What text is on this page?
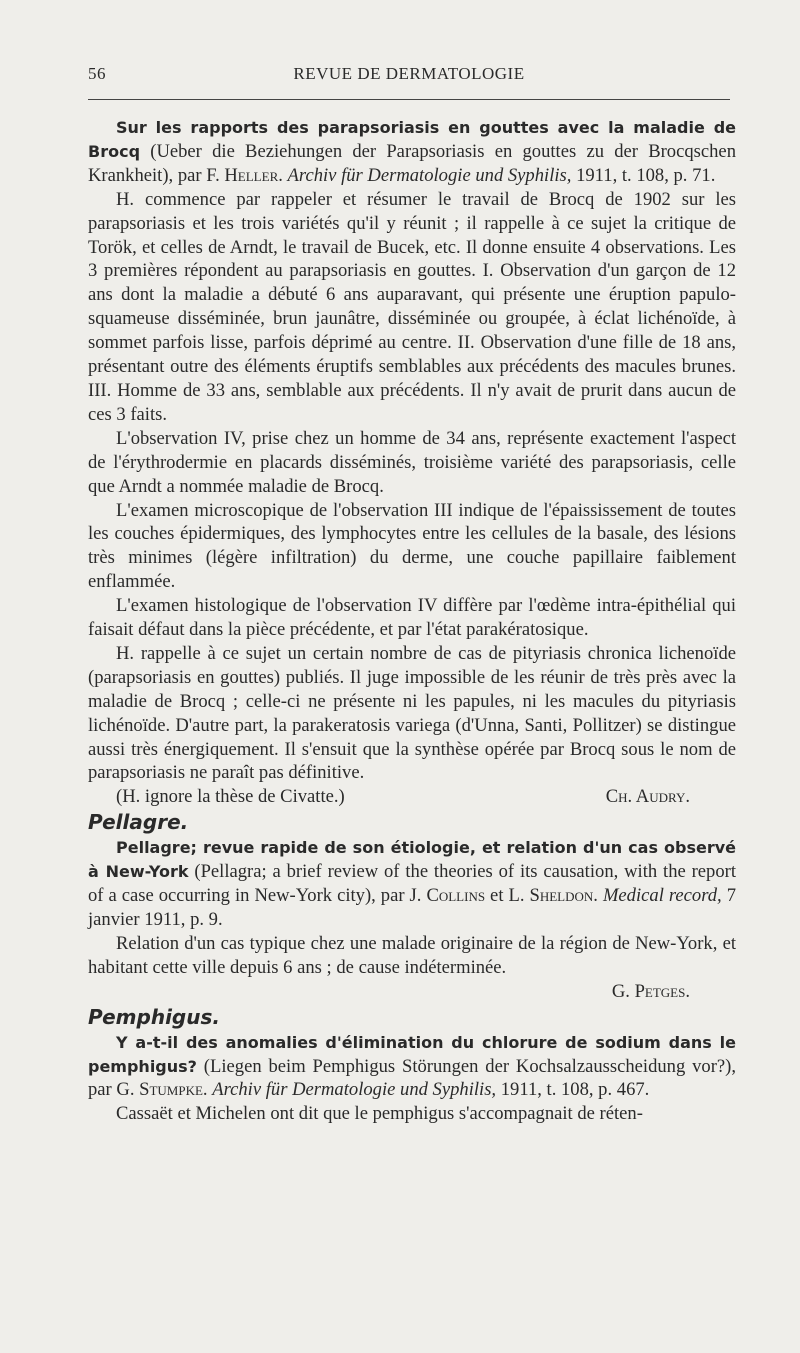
56	REVUE DE DERMATOLOGIE

Sur les rapports des parapsoriasis en gouttes avec la maladie de Brocq (Ueber die Beziehungen der Parapsoriasis en gouttes zu der Brocqschen Krankheit), par F. Heller. Archiv für Dermatologie und Syphilis, 1911, t. 108, p. 71.

H. commence par rappeler et résumer le travail de Brocq de 1902 sur les parapsoriasis et les trois variétés qu'il y réunit ; il rappelle à ce sujet la critique de Torök, et celles de Arndt, le travail de Bucek, etc. Il donne ensuite 4 observations. Les 3 premières répondent au parapsoriasis en gouttes. I. Observation d'un garçon de 12 ans dont la maladie a débuté 6 ans auparavant, qui présente une éruption papulo-squameuse disséminée, brun jaunâtre, disséminée ou groupée, à éclat lichénoïde, à sommet parfois lisse, parfois déprimé au centre. II. Observation d'une fille de 18 ans, présentant outre des éléments éruptifs semblables aux précédents des macules brunes. III. Homme de 33 ans, semblable aux précédents. Il n'y avait de prurit dans aucun de ces 3 faits.

L'observation IV, prise chez un homme de 34 ans, représente exactement l'aspect de l'érythrodermie en placards disséminés, troisième variété des parapsoriasis, celle que Arndt a nommée maladie de Brocq.

L'examen microscopique de l'observation III indique de l'épaississement de toutes les couches épidermiques, des lymphocytes entre les cellules de la basale, des lésions très minimes (légère infiltration) du derme, une couche papillaire faiblement enflammée.

L'examen histologique de l'observation IV diffère par l'œdème intra-épithélial qui faisait défaut dans la pièce précédente, et par l'état parakératosique.

H. rappelle à ce sujet un certain nombre de cas de pityriasis chronica lichenoïde (parapsoriasis en gouttes) publiés. Il juge impossible de les réunir de très près avec la maladie de Brocq ; celle-ci ne présente ni les papules, ni les macules du pityriasis lichénoïde. D'autre part, la parakeratosis variega (d'Unna, Santi, Pollitzer) se distingue aussi très énergiquement. Il s'ensuit que la synthèse opérée par Brocq sous le nom de parapsoriasis ne paraît pas définitive.

(H. ignore la thèse de Civatte.)	Ch. Audry.

Pellagre.

Pellagre; revue rapide de son étiologie, et relation d'un cas observé à New-York (Pellagra; a brief review of the theories of its causation, with the report of a case occurring in New-York city), par J. Collins et L. Sheldon. Medical record, 7 janvier 1911, p. 9.

Relation d'un cas typique chez une malade originaire de la région de New-York, et habitant cette ville depuis 6 ans ; de cause indéterminée.

G. Petges.

Pemphigus.

Y a-t-il des anomalies d'élimination du chlorure de sodium dans le pemphigus? (Liegen beim Pemphigus Störungen der Kochsalzausscheidung vor?), par G. Stumpke. Archiv für Dermatologie und Syphilis, 1911, t. 108, p. 467.

Cassaët et Michelen ont dit que le pemphigus s'accompagnait de réten-
